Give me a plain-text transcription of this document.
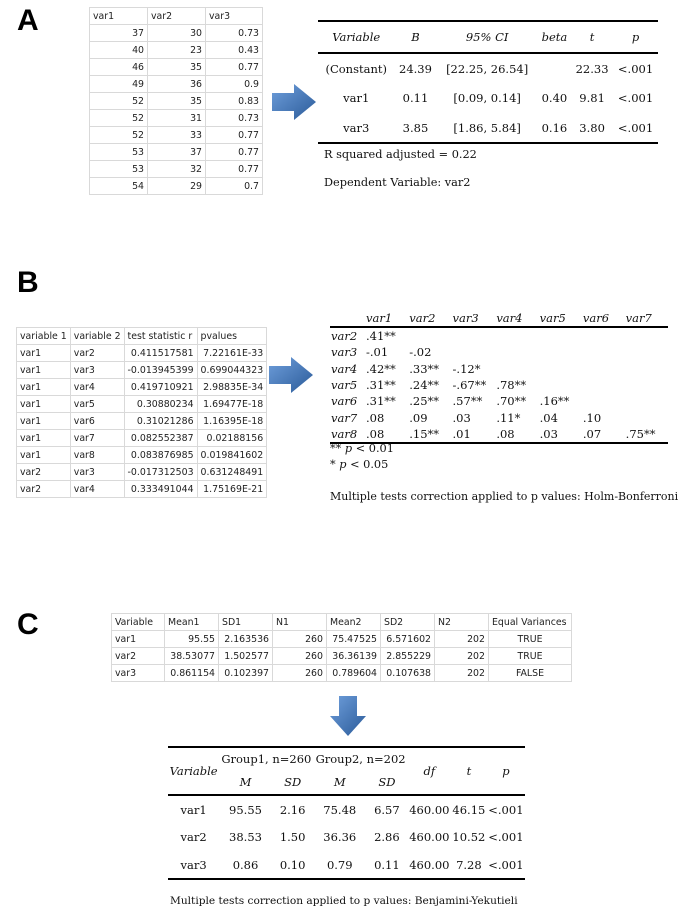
A	var1	var2	var3
37	30	0.73
40	23	0.43
46	35	0.77
49	36	0.9
52	35	0.83
52	31	0.73
52	33	0.77
53	37	0.77
53	32	0.77
54	29	0.7
Variable	B	95% CI	beta	t	p
(Constant)	24.39	[22.25, 26.54]		22.33	<.001
var1	0.11	[0.09, 0.14]	0.40	9.81	<.001
var3	3.85	[1.86, 5.84]	0.16	3.80	<.001
R squared adjusted = 0.22
Dependent Variable: var2
B
variable 1	variable 2	test statistic r	pvalues
var1	var2	0.411517581	7.22161E-33
var1	var3	-0.013945399	0.699044323
var1	var4	0.419710921	2.98835E-34
var1	var5	0.30880234	1.69477E-18
var1	var6	0.31021286	1.16395E-18
var1	var7	0.082552387	0.02188156
var1	var8	0.083876985	0.019841602
var2	var3	-0.017312503	0.631248491
var2	var4	0.333491044	1.75169E-21
	var1	var2	var3	var4	var5	var6	var7
var2	.41**						
var3	-.01	-.02					
var4	.42**	.33**	-.12*				
var5	.31**	.24**	-.67**	.78**			
var6	.31**	.25**	.57**	.70**	.16**		
var7	.08	.09	.03	.11*	.04	.10	
var8	.08	.15**	.01	.08	.03	.07	.75**
** p < 0.01
* p < 0.05
Multiple tests correction applied to p values: Holm-Bonferroni
C	Variable	Mean1	SD1	N1	Mean2	SD2	N2	Equal Variances
var1	95.55	2.163536	260	75.47525	6.571602	202	TRUE
var2	38.53077	1.502577	260	36.36139	2.855229	202	TRUE
var3	0.861154	0.102397	260	0.789604	0.107638	202	FALSE
Variable	Group1, n=260		Group2, n=202		df	t	p
	M	SD	M	SD			
var1	95.55	2.16	75.48	6.57	460.00	46.15	<.001
var2	38.53	1.50	36.36	2.86	460.00	10.52	<.001
var3	0.86	0.10	0.79	0.11	460.00	7.28	<.001
Multiple tests correction applied to p values: Benjamini-Yekutieli
